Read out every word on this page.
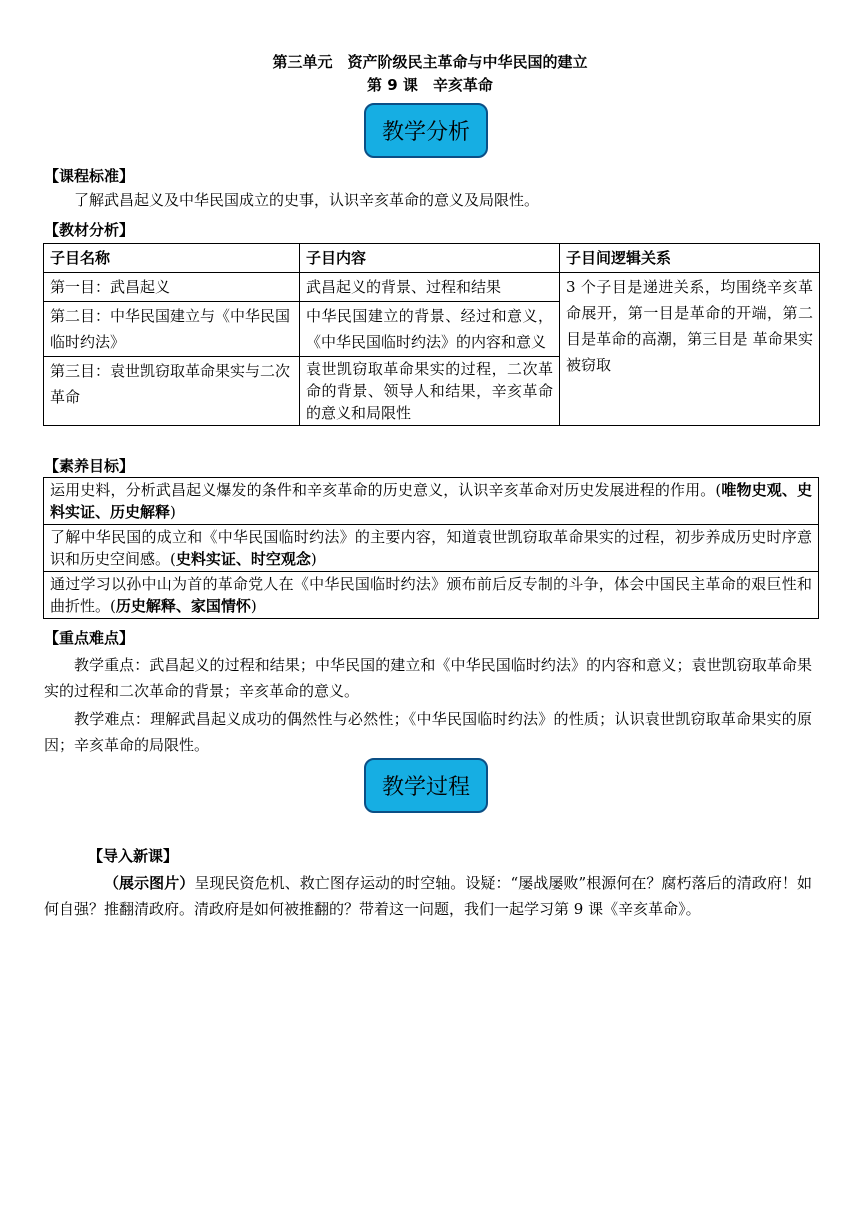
第三单元　资产阶级民主革命与中华民国的建立
第 9 课　辛亥革命
教学分析
【课程标准】
了解武昌起义及中华民国成立的史事，认识辛亥革命的意义及局限性。
【教材分析】
子目名称	子目内容	子目间逻辑关系
第一目：武昌起义	武昌起义的背景、过程和结果	3 个子目是递进关系，均围绕辛亥革命展开，第一目是革命的开端，第二目是革命的高潮，第三目是 革命果实被窃取
第二目：中华民国建立与《中华民国临时约法》	中华民国建立的背景、经过和意义，《中华民国临时约法》的内容和意义	
第三目：袁世凯窃取革命果实与二次革命	袁世凯窃取革命果实的过程，二次革命的背景、领导人和结果，辛亥革命的意义和局限性	
【素养目标】
运用史料，分析武昌起义爆发的条件和辛亥革命的历史意义，认识辛亥革命对历史发展进程的作用。(唯物史观、史料实证、历史解释)
了解中华民国的成立和《中华民国临时约法》的主要内容，知道袁世凯窃取革命果实的过程，初步养成历史时序意识和历史空间感。(史料实证、时空观念)
通过学习以孙中山为首的革命党人在《中华民国临时约法》颁布前后反专制的斗争，体会中国民主革命的艰巨性和曲折性。(历史解释、家国情怀)
【重点难点】
教学重点：武昌起义的过程和结果；中华民国的建立和《中华民国临时约法》的内容和意义；袁世凯窃取革命果实的过程和二次革命的背景；辛亥革命的意义。
教学难点：理解武昌起义成功的偶然性与必然性；《中华民国临时约法》的性质；认识袁世凯窃取革命果实的原因；辛亥革命的局限性。
教学过程
【导入新课】
（展示图片）呈现民资危机、救亡图存运动的时空轴。设疑：“屡战屡败”根源何在？腐朽落后的清政府！如何自强？推翻清政府。清政府是如何被推翻的？带着这一问题，我们一起学习第 9 课《辛亥革命》。
